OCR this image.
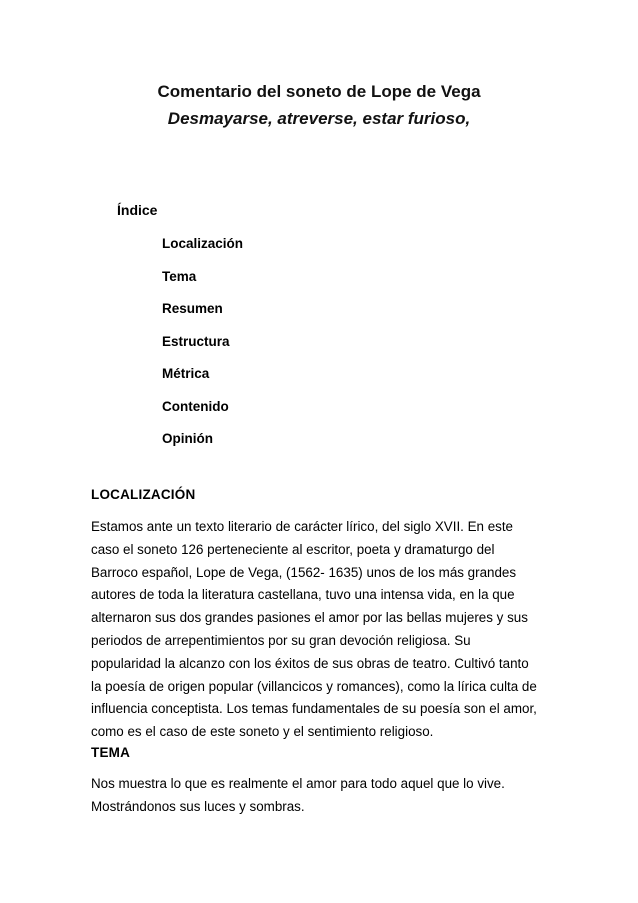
Comentario del soneto de Lope de Vega
Desmayarse, atreverse, estar furioso,
Índice
Localización
Tema
Resumen
Estructura
Métrica
Contenido
Opinión
LOCALIZACIÓN
Estamos ante un texto literario de carácter lírico, del siglo XVII. En este
caso el soneto 126 perteneciente al escritor, poeta y dramaturgo del
Barroco español, Lope de Vega, (1562- 1635) unos de los más grandes
autores de toda la literatura castellana, tuvo una intensa vida, en la que
alternaron sus dos grandes pasiones el amor por las bellas mujeres y sus
periodos de arrepentimientos por su gran devoción religiosa. Su
popularidad la alcanzo con los éxitos de sus obras de teatro. Cultivó tanto
la poesía de origen popular (villancicos y romances), como la lírica culta de
influencia conceptista. Los temas fundamentales de su poesía son el amor,
como es el caso de este soneto y el sentimiento religioso.
TEMA
Nos muestra lo que es realmente el amor para todo aquel que lo vive.
Mostrándonos sus luces y sombras.
